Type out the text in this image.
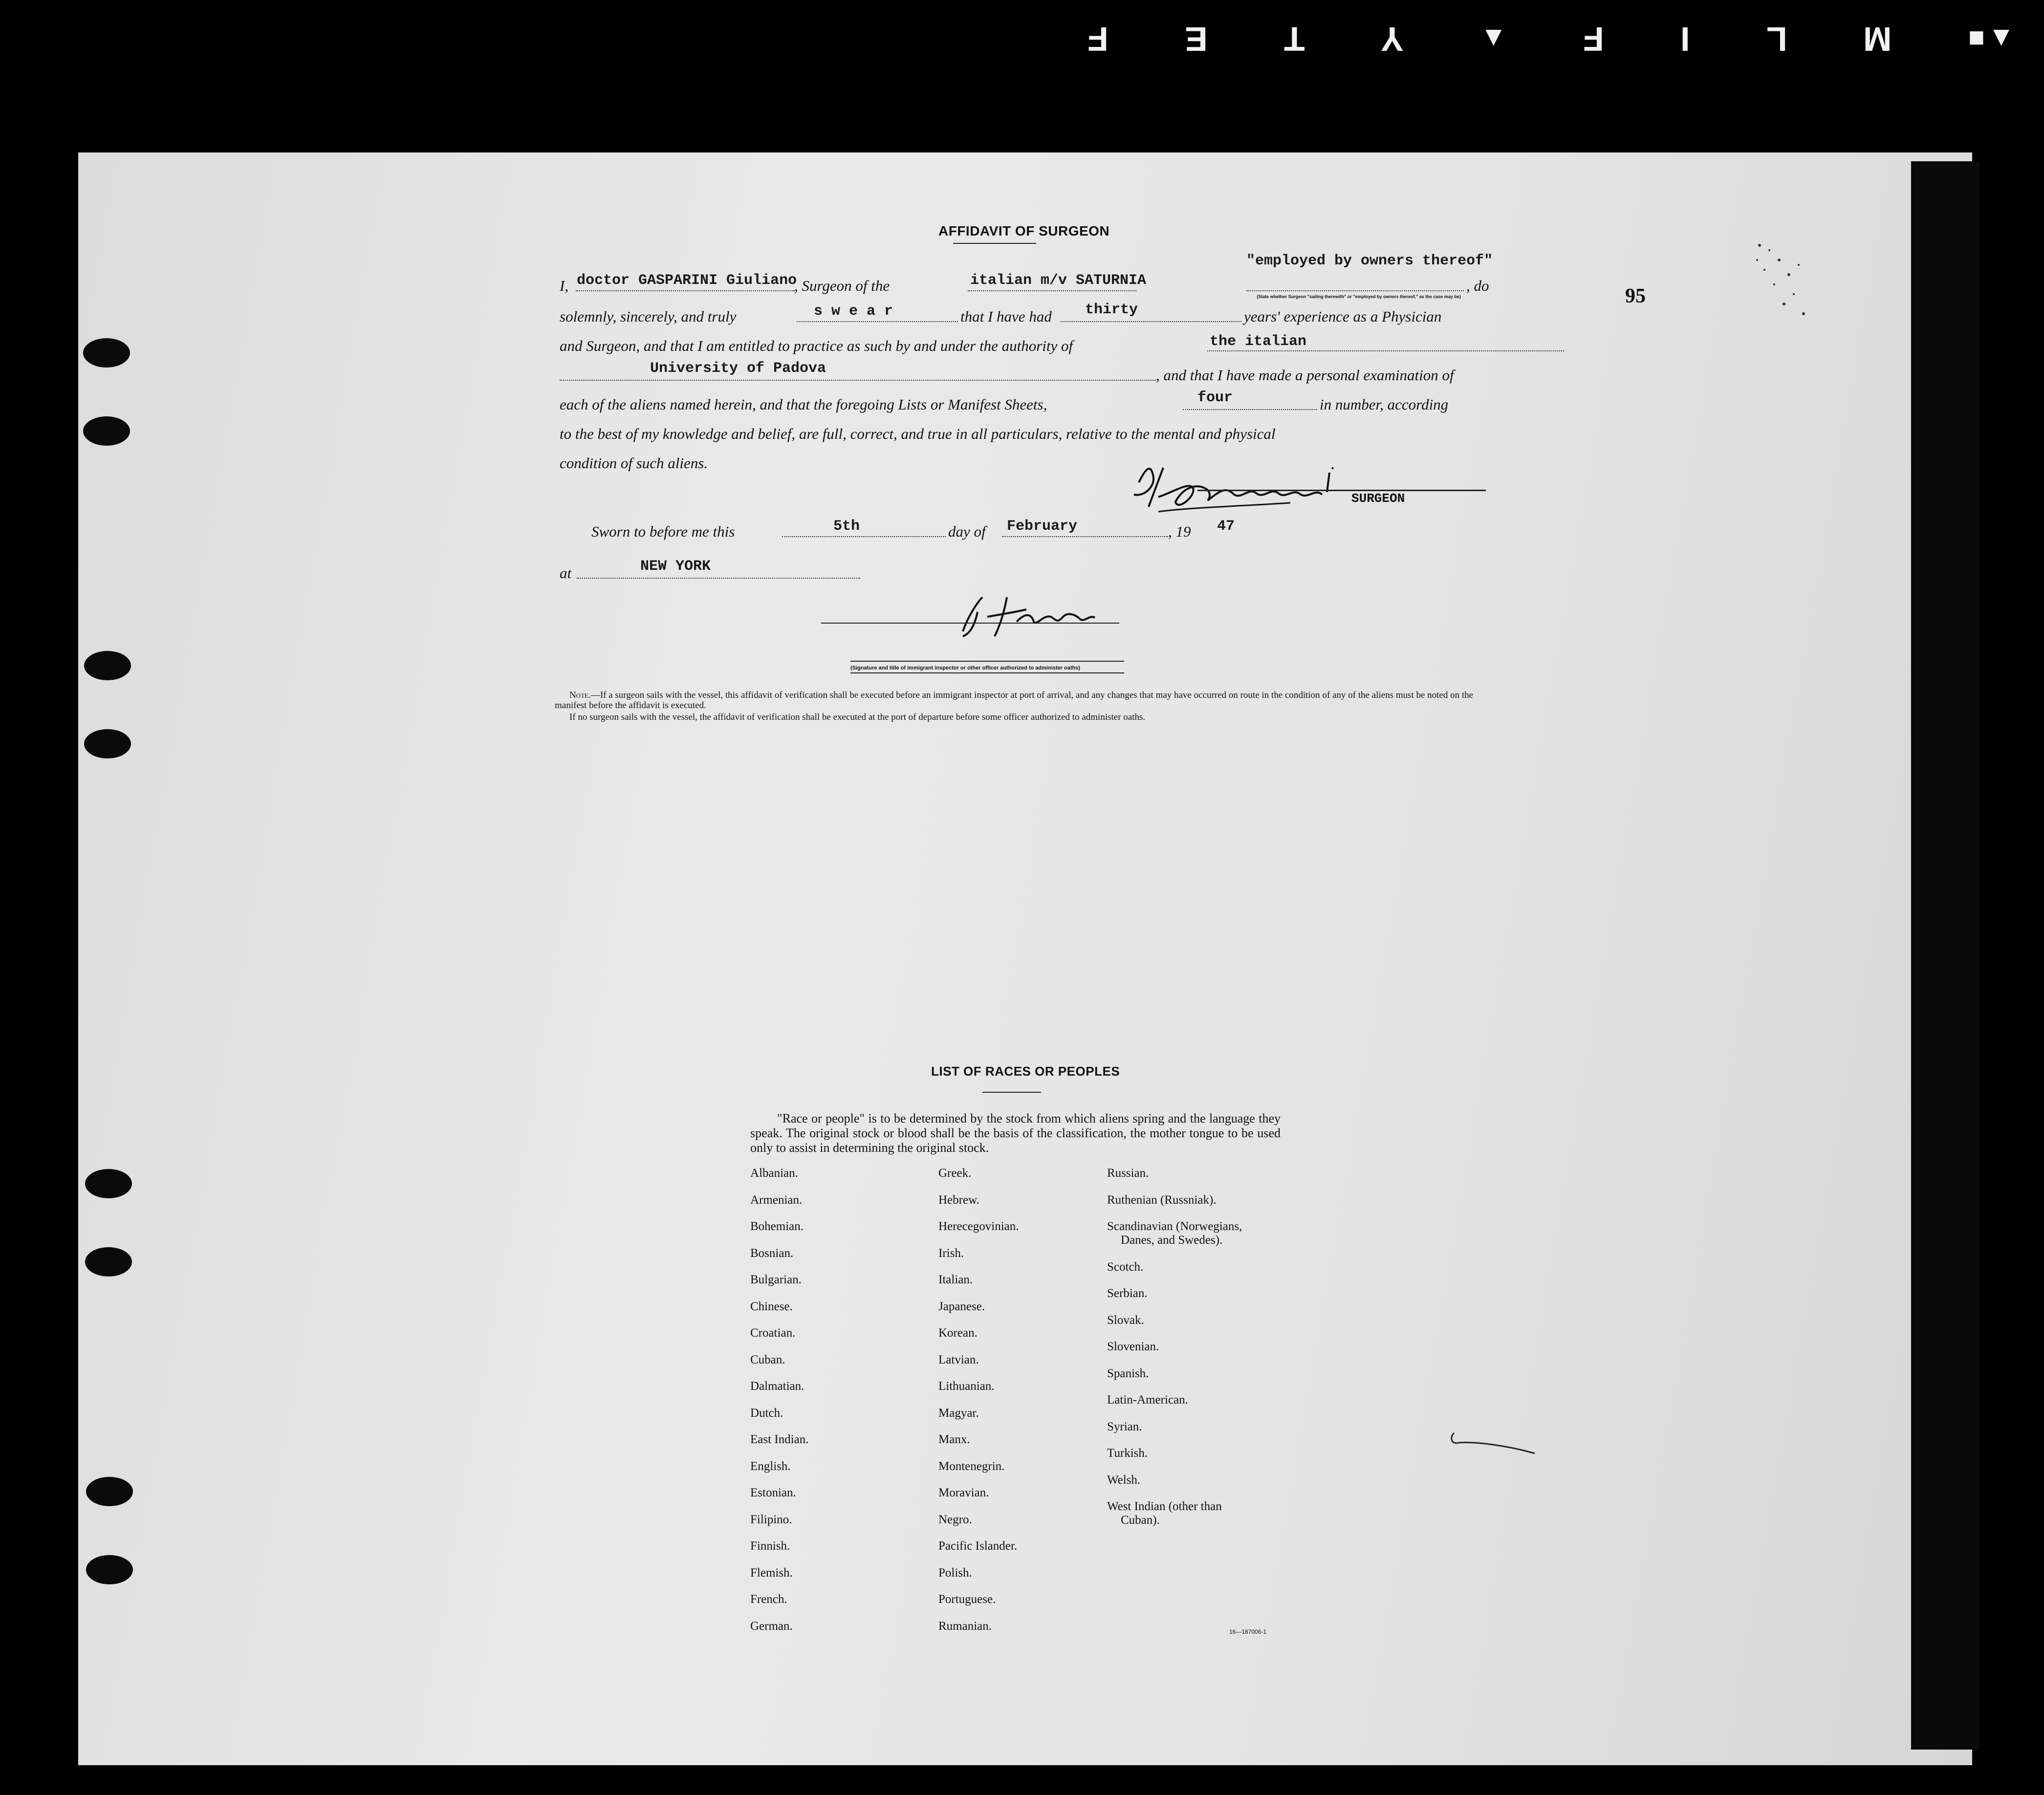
F E T Y	▲ F I L M	▲■
95
AFFIDAVIT OF SURGEON
I, doctor GASPARINI Giuliano
, Surgeon of the	italian m/v SATURNIA
"employed by owners thereof"
, do
(State whether Surgeon "sailing therewith" or "employed by owners thereof," as the case may be)
solemnly, sincerely, and truly	s w e a r	that I have had thirty	years' experience as a Physician
and Surgeon, and that I am entitled to practice as such by and under the authority of	the italian
University of Padova	, and that I have made a personal examination of
each of the aliens named herein, and that the foregoing Lists or Manifest Sheets,	four	in number, according
to the best of my knowledge and belief, are full, correct, and true in all particulars, relative to the mental and physical
condition of such aliens.
SURGEON
Sworn to before me this	5th	day of February	, 19 47
at	NEW YORK
(Signature and title of immigrant inspector or other officer authorized to administer oaths)
Note.—If a surgeon sails with the vessel, this affidavit of verification shall be executed before an immigrant inspector at port of arrival, and any changes that may have occurred on route in the condition of any of the aliens must be noted on the manifest before the affidavit is executed.
If no surgeon sails with the vessel, the affidavit of verification shall be executed at the port of departure before some officer authorized to administer oaths.
LIST OF RACES OR PEOPLES
"Race or people" is to be determined by the stock from which aliens spring and the language they speak. The original stock or blood shall be the basis of the classification, the mother tongue to be used only to assist in determining the original stock.
Albanian.
Armenian.
Bohemian.
Bosnian.
Bulgarian.
Chinese.
Croatian.
Cuban.
Dalmatian.
Dutch.
East Indian.
English.
Estonian.
Filipino.
Finnish.
Flemish.
French.
German.
Greek.
Hebrew.
Herecegovinian.
Irish.
Italian.
Japanese.
Korean.
Latvian.
Lithuanian.
Magyar.
Manx.
Montenegrin.
Moravian.
Negro.
Pacific Islander.
Polish.
Portuguese.
Rumanian.
Russian.
Ruthenian (Russniak).
Scandinavian (Norwegians,
Danes, and Swedes).
Scotch.
Serbian.
Slovak.
Slovenian.
Spanish.
Latin-American.
Syrian.
Turkish.
Welsh.
West Indian (other than
Cuban).
16—187006-1
